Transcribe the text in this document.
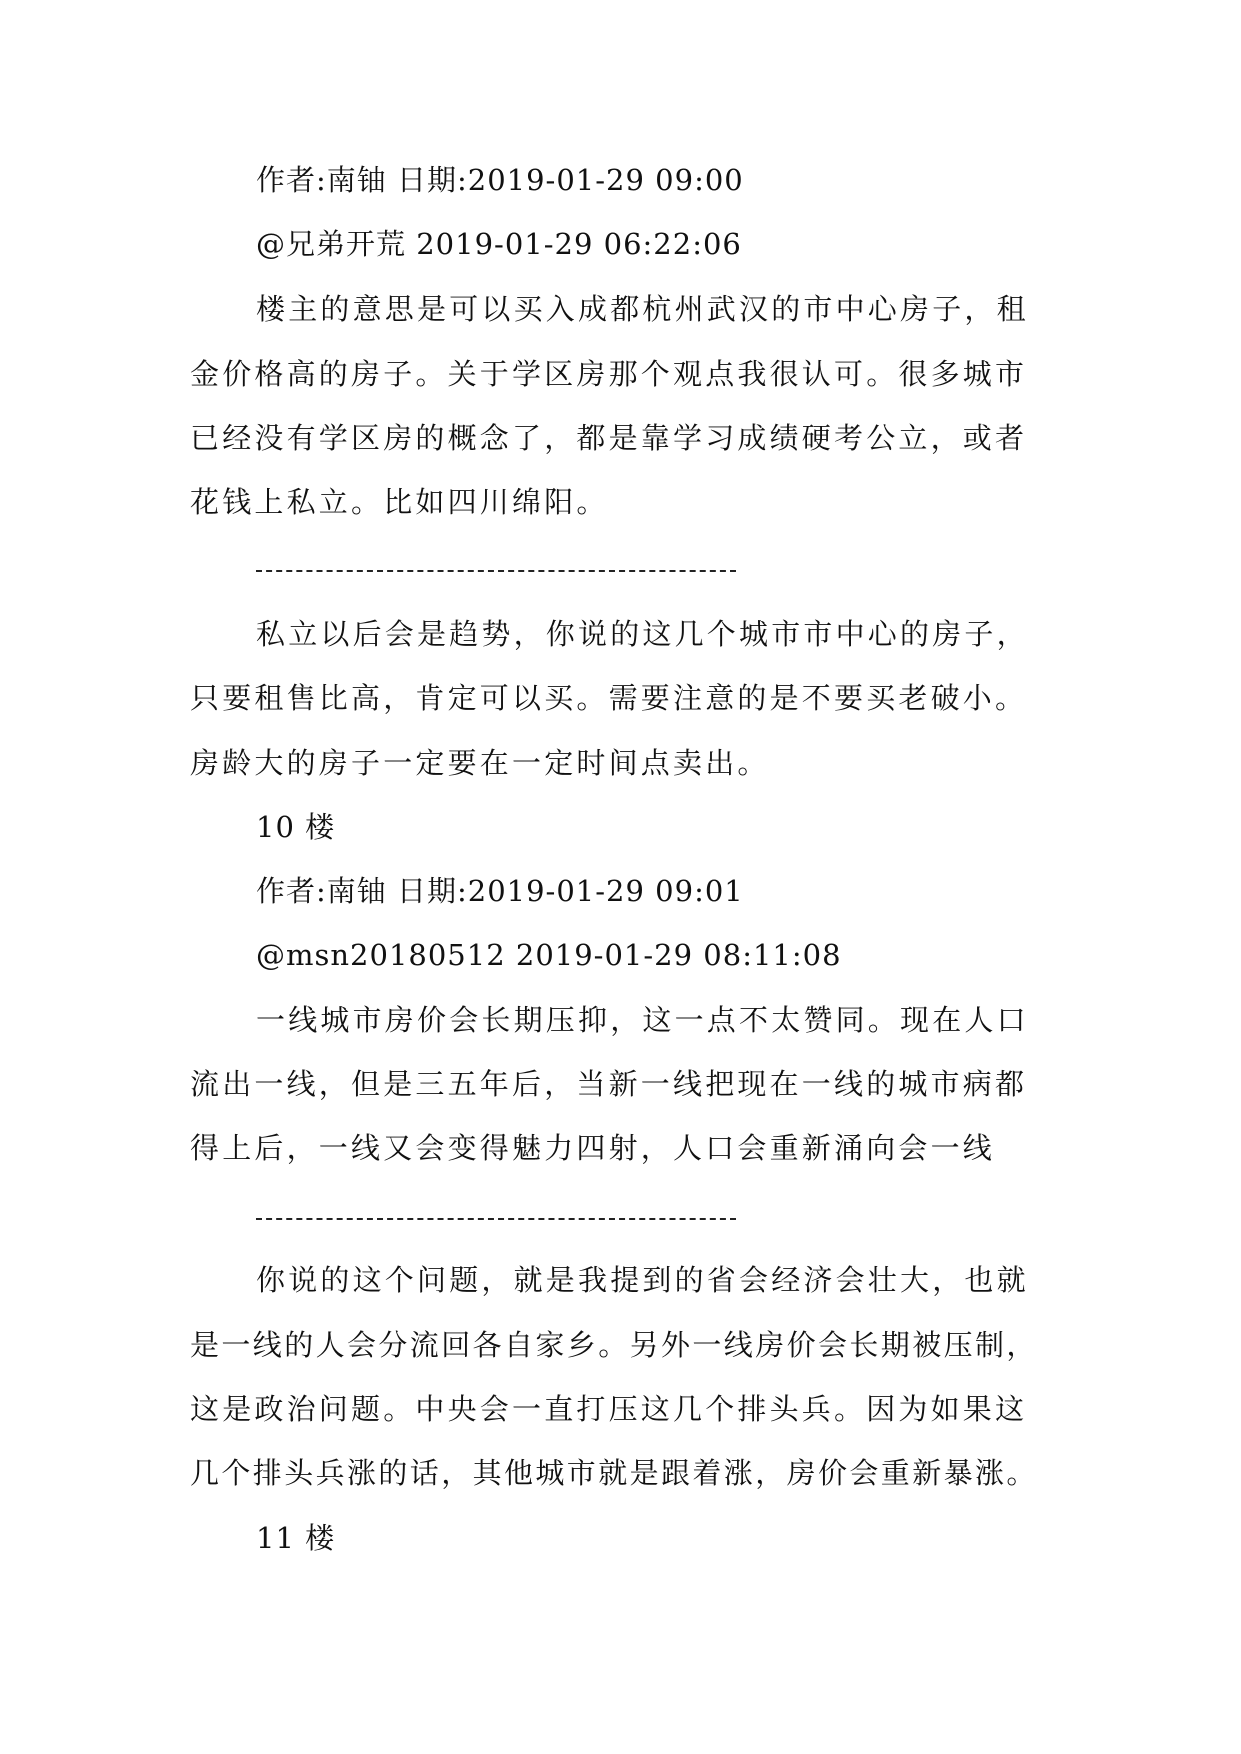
作者:南铀 日期:2019-01-29 09:00
@兄弟开荒 2019-01-29 06:22:06
楼主的意思是可以买入成都杭州武汉的市中心房子，租
金价格高的房子。关于学区房那个观点我很认可。很多城市
已经没有学区房的概念了，都是靠学习成绩硬考公立，或者
花钱上私立。比如四川绵阳。
私立以后会是趋势，你说的这几个城市市中心的房子，
只要租售比高，肯定可以买。需要注意的是不要买老破小。
房龄大的房子一定要在一定时间点卖出。
10 楼
作者:南铀 日期:2019-01-29 09:01
@msn20180512 2019-01-29 08:11:08
一线城市房价会长期压抑，这一点不太赞同。现在人口
流出一线，但是三五年后，当新一线把现在一线的城市病都
得上后，一线又会变得魅力四射，人口会重新涌向会一线
你说的这个问题，就是我提到的省会经济会壮大，也就
是一线的人会分流回各自家乡。另外一线房价会长期被压制，
这是政治问题。中央会一直打压这几个排头兵。因为如果这
几个排头兵涨的话，其他城市就是跟着涨，房价会重新暴涨。
11 楼
